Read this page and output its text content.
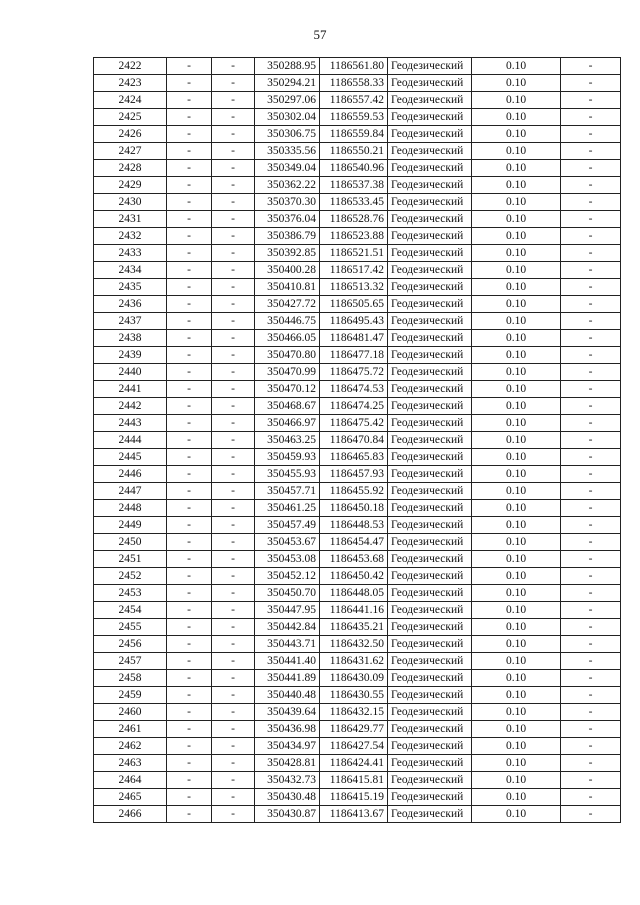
57
2422	-	-	350288.95	1186561.80	Геодезический	0.10	-
2423	-	-	350294.21	1186558.33	Геодезический	0.10	-
2424	-	-	350297.06	1186557.42	Геодезический	0.10	-
2425	-	-	350302.04	1186559.53	Геодезический	0.10	-
2426	-	-	350306.75	1186559.84	Геодезический	0.10	-
2427	-	-	350335.56	1186550.21	Геодезический	0.10	-
2428	-	-	350349.04	1186540.96	Геодезический	0.10	-
2429	-	-	350362.22	1186537.38	Геодезический	0.10	-
2430	-	-	350370.30	1186533.45	Геодезический	0.10	-
2431	-	-	350376.04	1186528.76	Геодезический	0.10	-
2432	-	-	350386.79	1186523.88	Геодезический	0.10	-
2433	-	-	350392.85	1186521.51	Геодезический	0.10	-
2434	-	-	350400.28	1186517.42	Геодезический	0.10	-
2435	-	-	350410.81	1186513.32	Геодезический	0.10	-
2436	-	-	350427.72	1186505.65	Геодезический	0.10	-
2437	-	-	350446.75	1186495.43	Геодезический	0.10	-
2438	-	-	350466.05	1186481.47	Геодезический	0.10	-
2439	-	-	350470.80	1186477.18	Геодезический	0.10	-
2440	-	-	350470.99	1186475.72	Геодезический	0.10	-
2441	-	-	350470.12	1186474.53	Геодезический	0.10	-
2442	-	-	350468.67	1186474.25	Геодезический	0.10	-
2443	-	-	350466.97	1186475.42	Геодезический	0.10	-
2444	-	-	350463.25	1186470.84	Геодезический	0.10	-
2445	-	-	350459.93	1186465.83	Геодезический	0.10	-
2446	-	-	350455.93	1186457.93	Геодезический	0.10	-
2447	-	-	350457.71	1186455.92	Геодезический	0.10	-
2448	-	-	350461.25	1186450.18	Геодезический	0.10	-
2449	-	-	350457.49	1186448.53	Геодезический	0.10	-
2450	-	-	350453.67	1186454.47	Геодезический	0.10	-
2451	-	-	350453.08	1186453.68	Геодезический	0.10	-
2452	-	-	350452.12	1186450.42	Геодезический	0.10	-
2453	-	-	350450.70	1186448.05	Геодезический	0.10	-
2454	-	-	350447.95	1186441.16	Геодезический	0.10	-
2455	-	-	350442.84	1186435.21	Геодезический	0.10	-
2456	-	-	350443.71	1186432.50	Геодезический	0.10	-
2457	-	-	350441.40	1186431.62	Геодезический	0.10	-
2458	-	-	350441.89	1186430.09	Геодезический	0.10	-
2459	-	-	350440.48	1186430.55	Геодезический	0.10	-
2460	-	-	350439.64	1186432.15	Геодезический	0.10	-
2461	-	-	350436.98	1186429.77	Геодезический	0.10	-
2462	-	-	350434.97	1186427.54	Геодезический	0.10	-
2463	-	-	350428.81	1186424.41	Геодезический	0.10	-
2464	-	-	350432.73	1186415.81	Геодезический	0.10	-
2465	-	-	350430.48	1186415.19	Геодезический	0.10	-
2466	-	-	350430.87	1186413.67	Геодезический	0.10	-
